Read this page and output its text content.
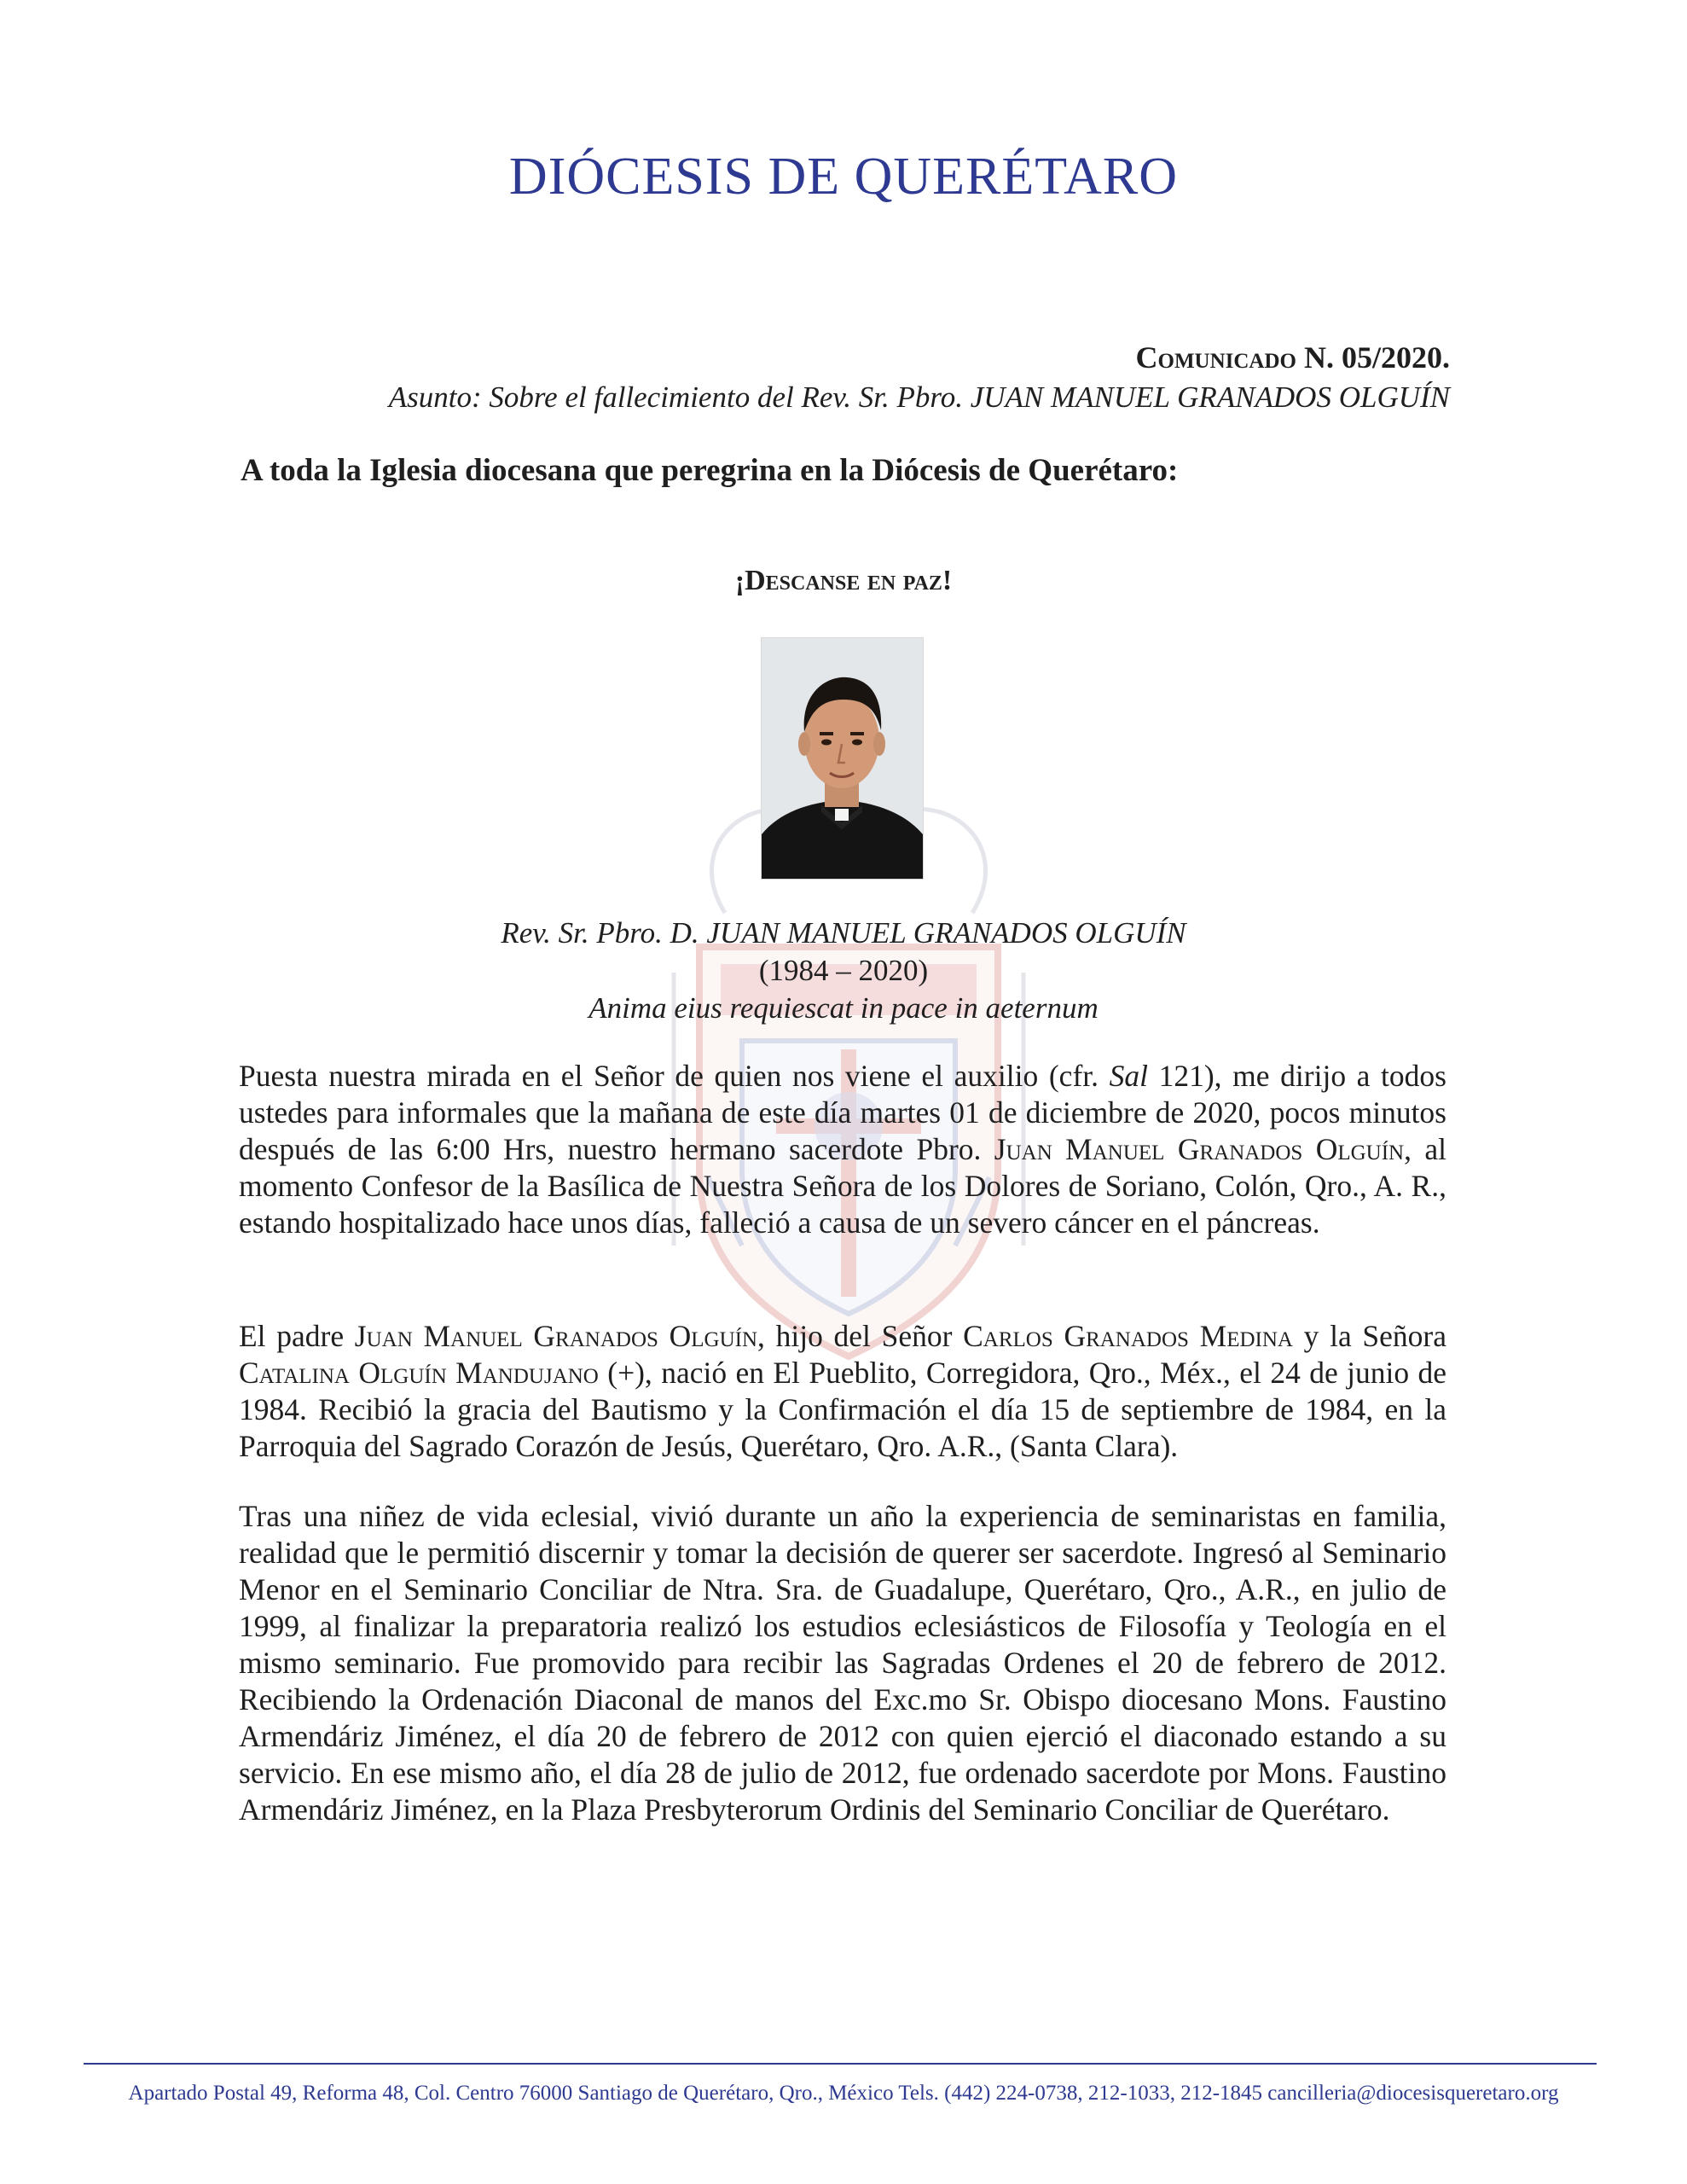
DIÓCESIS DE QUERÉTARO
Comunicado N. 05/2020.
Asunto: Sobre el fallecimiento del Rev. Sr. Pbro. JUAN MANUEL GRANADOS OLGUÍN
A toda la Iglesia diocesana que peregrina en la Diócesis de Querétaro:
¡Descanse en paz!
Rev. Sr. Pbro. D. JUAN MANUEL GRANADOS OLGUÍN
(1984 – 2020)
Anima eius requiescat in pace in aeternum
Puesta nuestra mirada en el Señor de quien nos viene el auxilio (cfr. Sal 121), me dirijo a todos ustedes para informales que la mañana de este día martes 01 de diciembre de 2020, pocos minutos después de las 6:00 Hrs, nuestro hermano sacerdote Pbro. Juan Manuel Granados Olguín, al momento Confesor de la Basílica de Nuestra Señora de los Dolores de Soriano, Colón, Qro., A. R., estando hospitalizado hace unos días, falleció a causa de un severo cáncer en el páncreas.
El padre Juan Manuel Granados Olguín, hijo del Señor Carlos Granados Medina y la Señora Catalina Olguín Mandujano (+), nació en El Pueblito, Corregidora, Qro., Méx., el 24 de junio de 1984. Recibió la gracia del Bautismo y la Confirmación el día 15 de septiembre de 1984, en la Parroquia del Sagrado Corazón de Jesús, Querétaro, Qro. A.R., (Santa Clara).
Tras una niñez de vida eclesial, vivió durante un año la experiencia de seminaristas en familia, realidad que le permitió discernir y tomar la decisión de querer ser sacerdote. Ingresó al Seminario Menor en el Seminario Conciliar de Ntra. Sra. de Guadalupe, Querétaro, Qro., A.R., en julio de 1999, al finalizar la preparatoria realizó los estudios eclesiásticos de Filosofía y Teología en el mismo seminario. Fue promovido para recibir las Sagradas Ordenes el 20 de febrero de 2012. Recibiendo la Ordenación Diaconal de manos del Exc.mo Sr. Obispo diocesano Mons. Faustino Armendáriz Jiménez, el día 20 de febrero de 2012 con quien ejerció el diaconado estando a su servicio. En ese mismo año, el día 28 de julio de 2012, fue ordenado sacerdote por Mons. Faustino Armendáriz Jiménez, en la Plaza Presbyterorum Ordinis del Seminario Conciliar de Querétaro.
Apartado Postal 49, Reforma 48, Col. Centro 76000 Santiago de Querétaro, Qro., México Tels. (442) 224-0738, 212-1033, 212-1845 cancilleria@diocesisqueretaro.org
